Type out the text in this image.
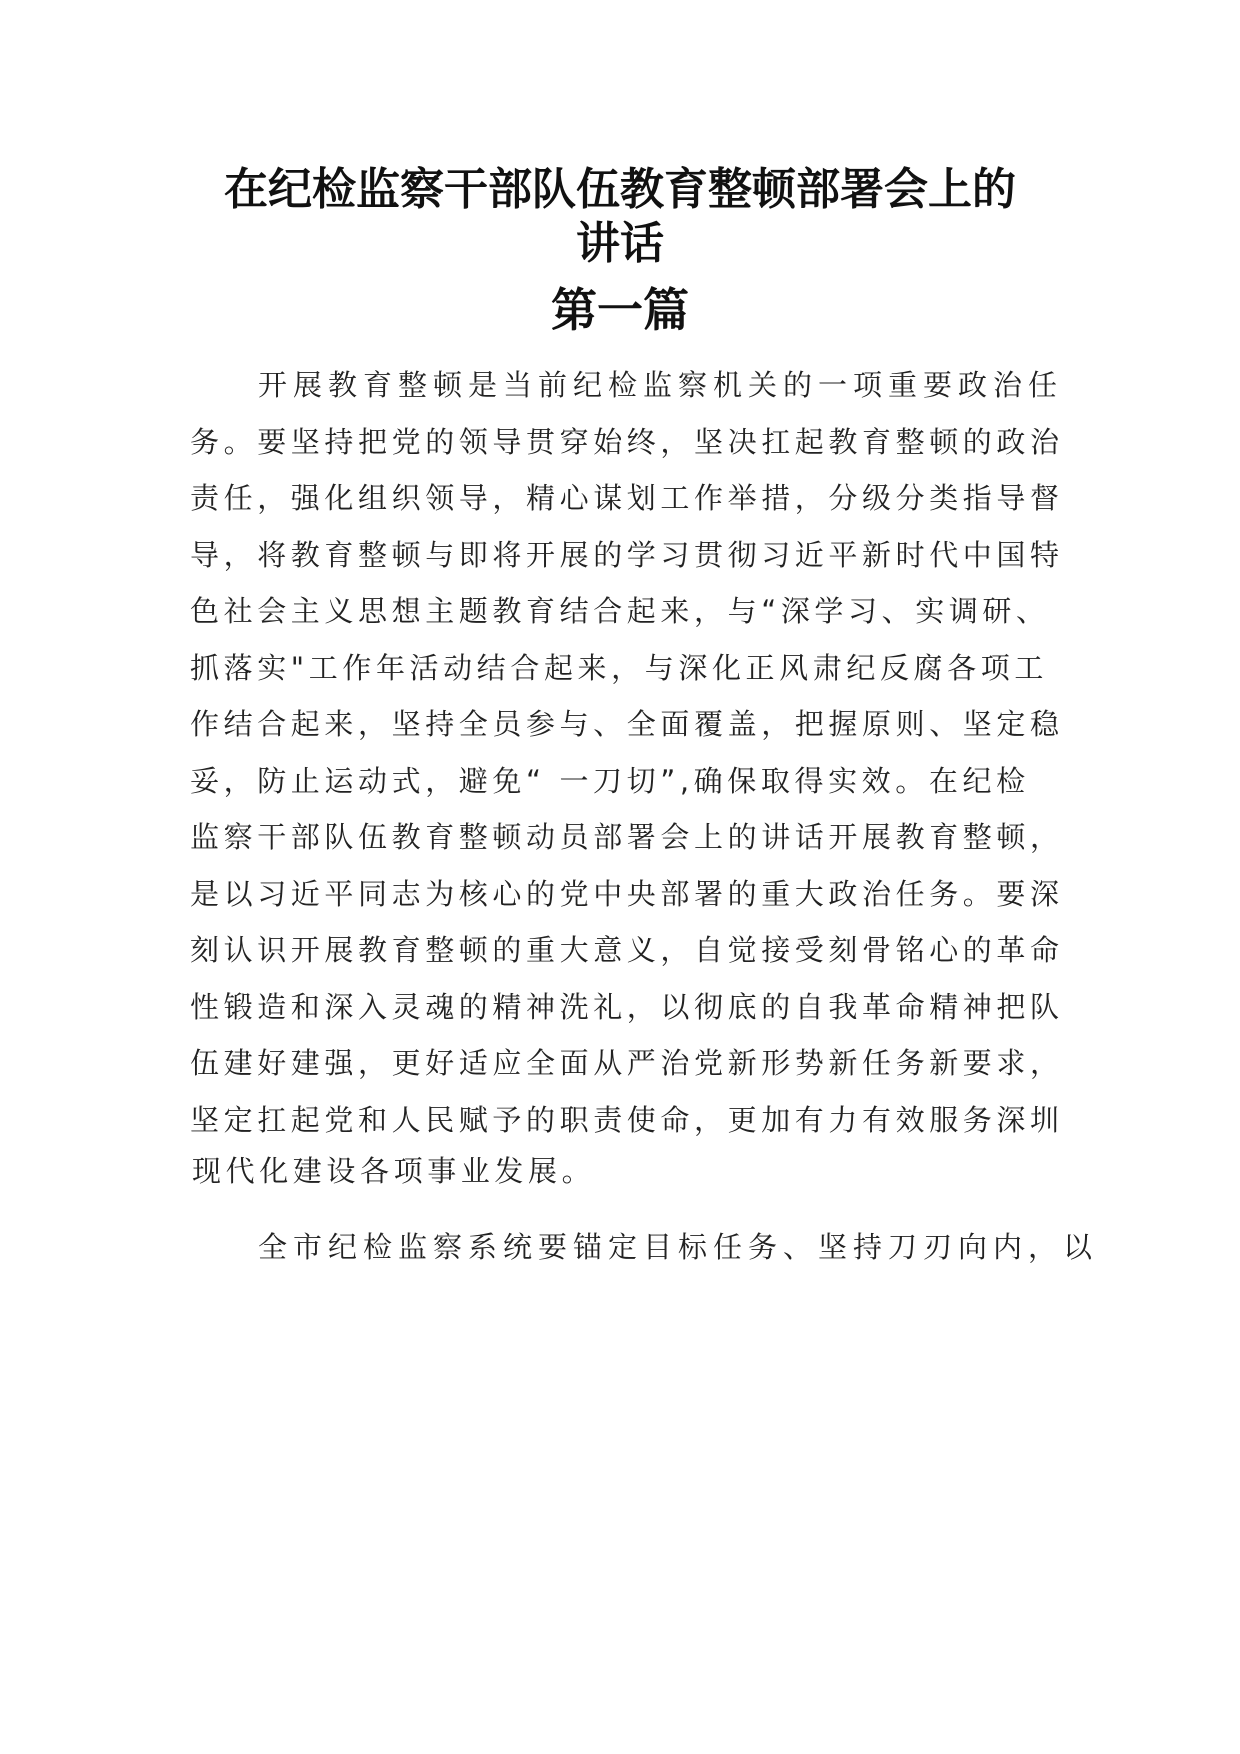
在纪检监察干部队伍教育整顿部署会上的
讲话
第一篇
开展教育整顿是当前纪检监察机关的一项重要政治任
务。要坚持把党的领导贯穿始终，坚决扛起教育整顿的政治
责任，强化组织领导，精心谋划工作举措，分级分类指导督
导，将教育整顿与即将开展的学习贯彻习近平新时代中国特
色社会主义思想主题教育结合起来，与“深学习、实调研、
抓落实"工作年活动结合起来，与深化正风肃纪反腐各项工
作结合起来，坚持全员参与、全面覆盖，把握原则、坚定稳
妥，防止运动式，避免“ 一刀切”,确保取得实效。在纪检
监察干部队伍教育整顿动员部署会上的讲话开展教育整顿，
是以习近平同志为核心的党中央部署的重大政治任务。要深
刻认识开展教育整顿的重大意义，自觉接受刻骨铭心的革命
性锻造和深入灵魂的精神洗礼，以彻底的自我革命精神把队
伍建好建强，更好适应全面从严治党新形势新任务新要求，
坚定扛起党和人民赋予的职责使命，更加有力有效服务深圳

现代化建设各项事业发展。

全市纪检监察系统要锚定目标任务、坚持刀刃向内，以
